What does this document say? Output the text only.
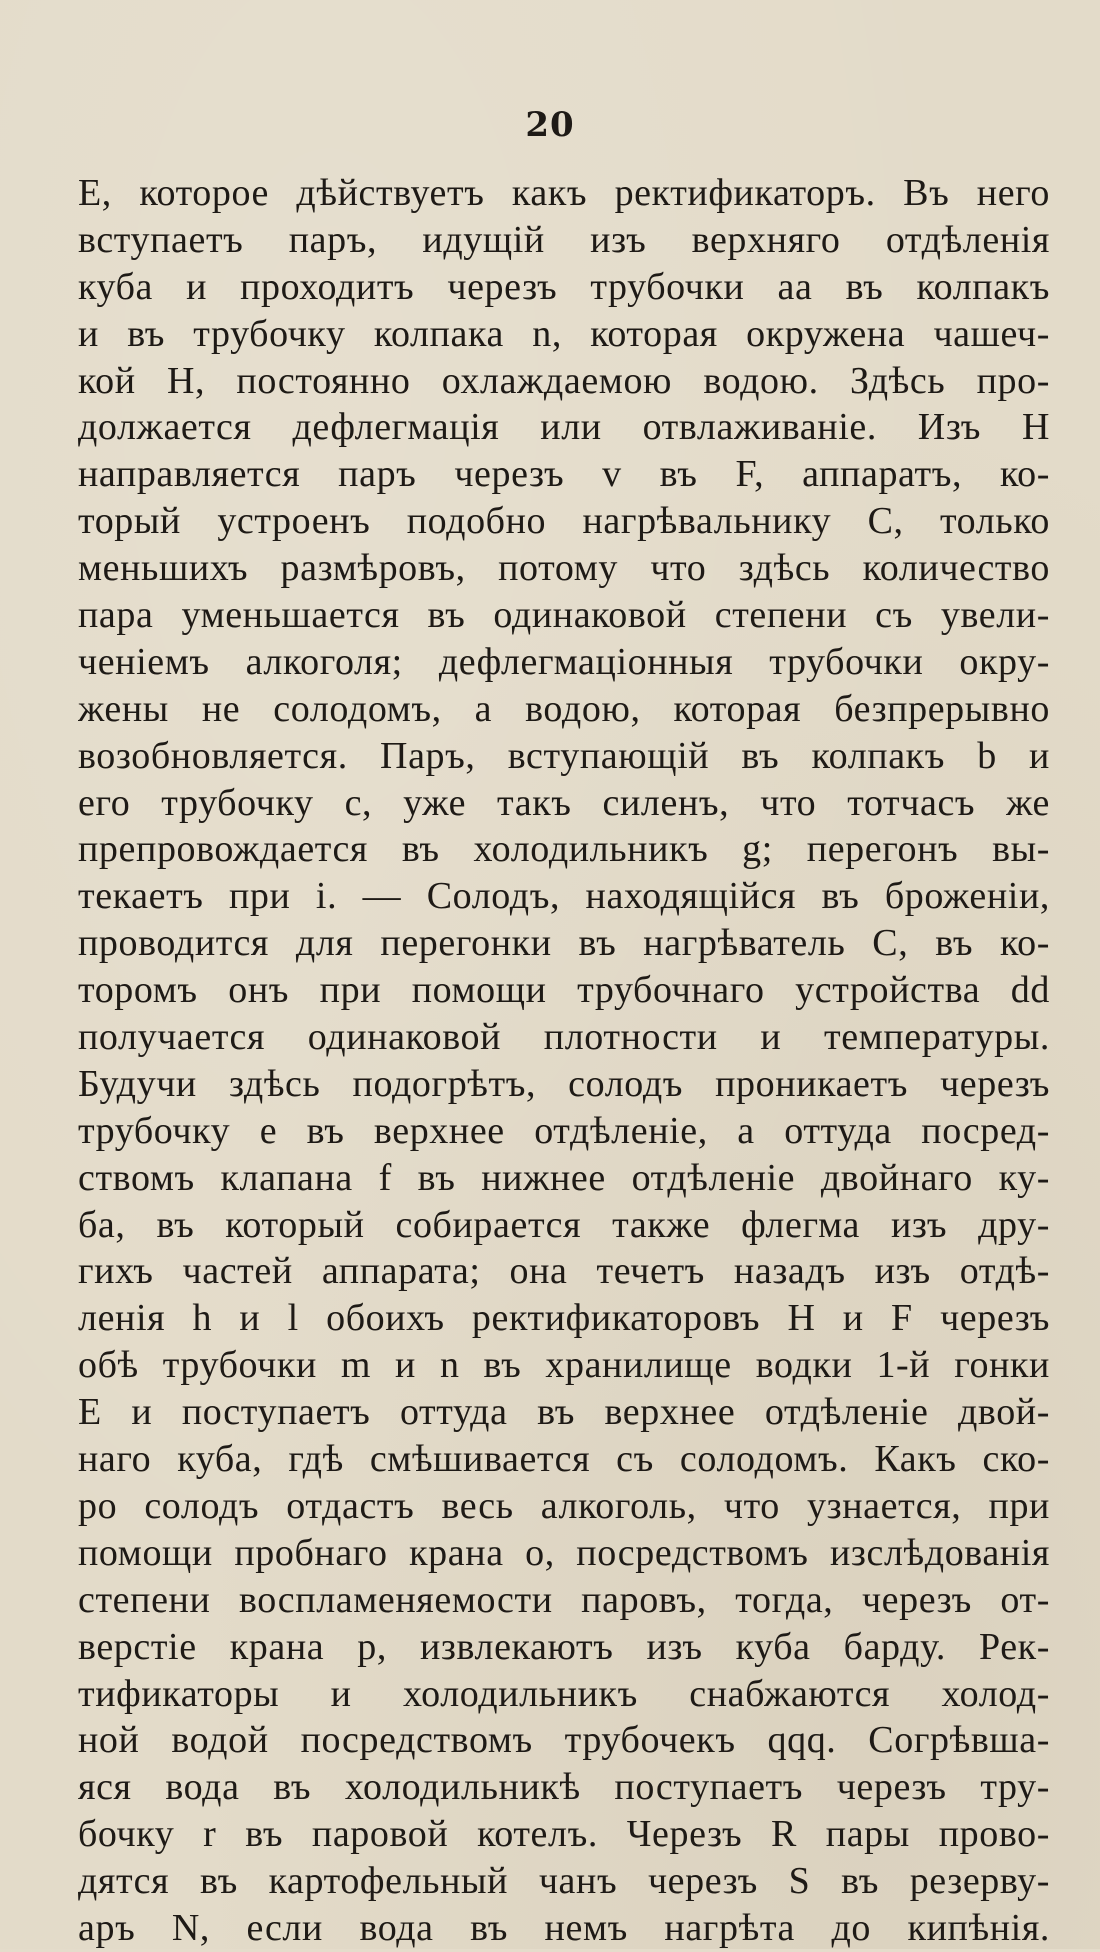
20
Е, которое дѣйствуетъ какъ ректификаторъ. Въ него
вступаетъ паръ, идущій изъ верхняго отдѣленія
куба и проходитъ черезъ трубочки аа въ колпакъ
и въ трубочку колпака n, которая окружена чашеч-
кой Н, постоянно охлаждаемою водою. Здѣсь про-
должается дефлегмація или отвлаживаніе. Изъ Н
направляется паръ черезъ v въ F, аппаратъ, ко-
торый устроенъ подобно нагрѣвальнику С, только
меньшихъ размѣровъ, потому что здѣсь количество
пара уменьшается въ одинаковой степени съ увели-
ченіемъ алкоголя; дефлегмаціонныя трубочки окру-
жены не солодомъ, а водою, которая безпрерывно
возобновляется. Паръ, вступающій въ колпакъ b и
его трубочку с, уже такъ силенъ, что тотчасъ же
препровождается въ холодильникъ g; перегонъ вы-
текаетъ при i. — Солодъ, находящійся въ броженіи,
проводится для перегонки въ нагрѣватель С, въ ко-
торомъ онъ при помощи трубочнаго устройства dd
получается одинаковой плотности и температуры.
Будучи здѣсь подогрѣтъ, солодъ проникаетъ черезъ
трубочку е въ верхнее отдѣленіе, а оттуда посред-
ствомъ клапана f въ нижнее отдѣленіе двойнаго ку-
ба, въ который собирается также флегма изъ дру-
гихъ частей аппарата; она течетъ назадъ изъ отдѣ-
ленія h и l обоихъ ректификаторовъ Н и F черезъ
обѣ трубочки m и n въ хранилище водки 1-й гонки
Е и поступаетъ оттуда въ верхнее отдѣленіе двой-
наго куба, гдѣ смѣшивается съ солодомъ. Какъ ско-
ро солодъ отдастъ весь алкоголь, что узнается, при
помощи пробнаго крана о, посредствомъ изслѣдованія
степени воспламеняемости паровъ, тогда, черезъ от-
верстіе крана р, извлекаютъ изъ куба барду. Рек-
тификаторы и холодильникъ снабжаются холод-
ной водой посредствомъ трубочекъ qqq. Согрѣвша-
яся вода въ холодильникѣ поступаетъ черезъ тру-
бочку r въ паровой котелъ. Черезъ R пары прово-
дятся въ картофельный чанъ черезъ S въ резерву-
аръ N, если вода въ немъ нагрѣта до кипѣнія.
